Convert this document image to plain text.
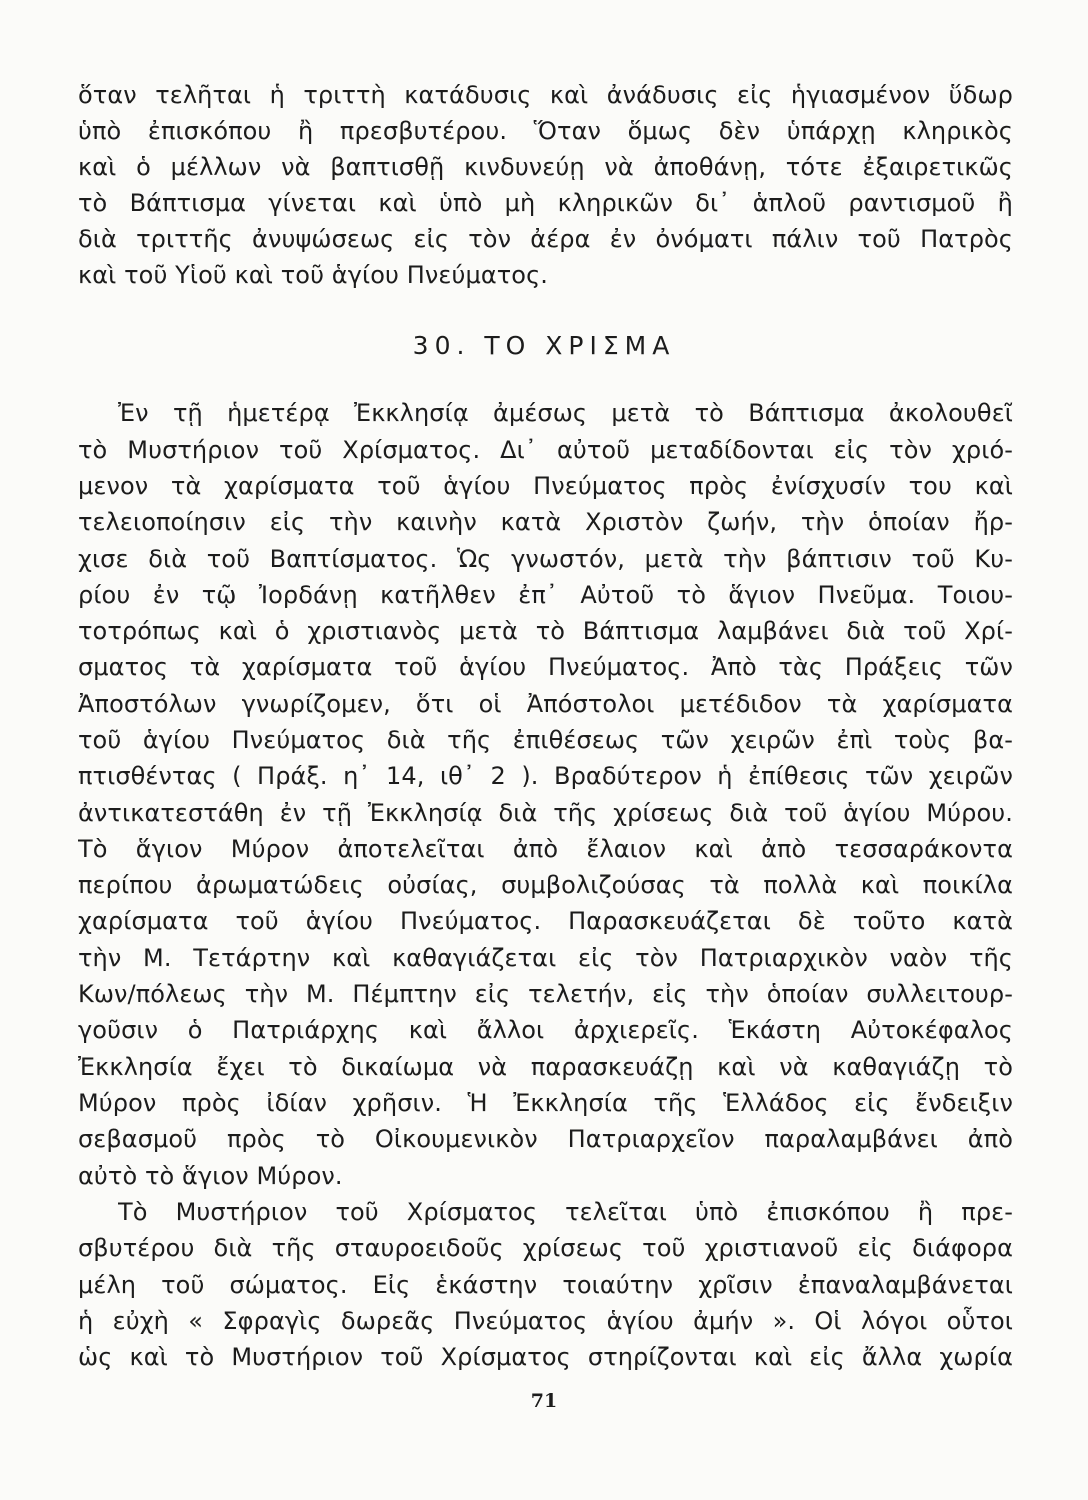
ὅταν τελῆται ἡ τριττὴ κατάδυσις καὶ ἀνάδυσις εἰς ἡγιασμένον ὕδωρ
ὑπὸ ἐπισκόπου ἢ πρεσβυτέρου. Ὅταν ὅμως δὲν ὑπάρχῃ κληρικὸς
καὶ ὁ μέλλων νὰ βαπτισθῇ κινδυνεύῃ νὰ ἀποθάνῃ, τότε ἐξαιρετικῶς
τὸ Βάπτισμα γίνεται καὶ ὑπὸ μὴ κληρικῶν δι᾽ ἁπλοῦ ραντισμοῦ ἢ
διὰ τριττῆς ἀνυψώσεως εἰς τὸν ἀέρα ἐν ὀνόματι πάλιν τοῦ Πατρὸς
καὶ τοῦ Υἱοῦ καὶ τοῦ ἁγίου Πνεύματος.
30. ΤΟ ΧΡΙΣΜΑ
Ἐν τῇ ἡμετέρᾳ Ἐκκλησίᾳ ἀμέσως μετὰ τὸ Βάπτισμα ἀκολουθεῖ
τὸ Μυστήριον τοῦ Χρίσματος. Δι᾽ αὐτοῦ μεταδίδονται εἰς τὸν χριό-
μενον τὰ χαρίσματα τοῦ ἁγίου Πνεύματος πρὸς ἐνίσχυσίν του καὶ
τελειοποίησιν εἰς τὴν καινὴν κατὰ Χριστὸν ζωήν, τὴν ὁποίαν ἤρ-
χισε διὰ τοῦ Βαπτίσματος. Ὡς γνωστόν, μετὰ τὴν βάπτισιν τοῦ Κυ-
ρίου ἐν τῷ Ἰορδάνῃ κατῆλθεν ἐπ᾽ Αὐτοῦ τὸ ἅγιον Πνεῦμα. Τοιου-
τοτρόπως καὶ ὁ χριστιανὸς μετὰ τὸ Βάπτισμα λαμβάνει διὰ τοῦ Χρί-
σματος τὰ χαρίσματα τοῦ ἁγίου Πνεύματος. Ἀπὸ τὰς Πράξεις τῶν
Ἀποστόλων γνωρίζομεν, ὅτι οἱ Ἀπόστολοι μετέδιδον τὰ χαρίσματα
τοῦ ἁγίου Πνεύματος διὰ τῆς ἐπιθέσεως τῶν χειρῶν ἐπὶ τοὺς βα-
πτισθέντας ( Πράξ. η᾽ 14, ιθ᾽ 2 ). Βραδύτερον ἡ ἐπίθεσις τῶν χειρῶν
ἀντικατεστάθη ἐν τῇ Ἐκκλησίᾳ διὰ τῆς χρίσεως διὰ τοῦ ἁγίου Μύρου.
Τὸ ἅγιον Μύρον ἀποτελεῖται ἀπὸ ἔλαιον καὶ ἀπὸ τεσσαράκοντα
περίπου ἀρωματώδεις οὐσίας, συμβολιζούσας τὰ πολλὰ καὶ ποικίλα
χαρίσματα τοῦ ἁγίου Πνεύματος. Παρασκευάζεται δὲ τοῦτο κατὰ
τὴν Μ. Τετάρτην καὶ καθαγιάζεται εἰς τὸν Πατριαρχικὸν ναὸν τῆς
Κων/πόλεως τὴν Μ. Πέμπτην εἰς τελετήν, εἰς τὴν ὁποίαν συλλειτουρ-
γοῦσιν ὁ Πατριάρχης καὶ ἄλλοι ἀρχιερεῖς. Ἑκάστη Αὐτοκέφαλος
Ἐκκλησία ἔχει τὸ δικαίωμα νὰ παρασκευάζῃ καὶ νὰ καθαγιάζῃ τὸ
Μύρον πρὸς ἰδίαν χρῆσιν. Ἡ Ἐκκλησία τῆς Ἑλλάδος εἰς ἔνδειξιν
σεβασμοῦ πρὸς τὸ Οἰκουμενικὸν Πατριαρχεῖον παραλαμβάνει ἀπὸ
αὐτὸ τὸ ἅγιον Μύρον.
Τὸ Μυστήριον τοῦ Χρίσματος τελεῖται ὑπὸ ἐπισκόπου ἢ πρε-
σβυτέρου διὰ τῆς σταυροειδοῦς χρίσεως τοῦ χριστιανοῦ εἰς διάφορα
μέλη τοῦ σώματος. Εἰς ἑκάστην τοιαύτην χρῖσιν ἐπαναλαμβάνεται
ἡ εὐχὴ « Σφραγὶς δωρεᾶς Πνεύματος ἁγίου ἀμήν ». Οἱ λόγοι οὗτοι
ὡς καὶ τὸ Μυστήριον τοῦ Χρίσματος στηρίζονται καὶ εἰς ἄλλα χωρία
71
